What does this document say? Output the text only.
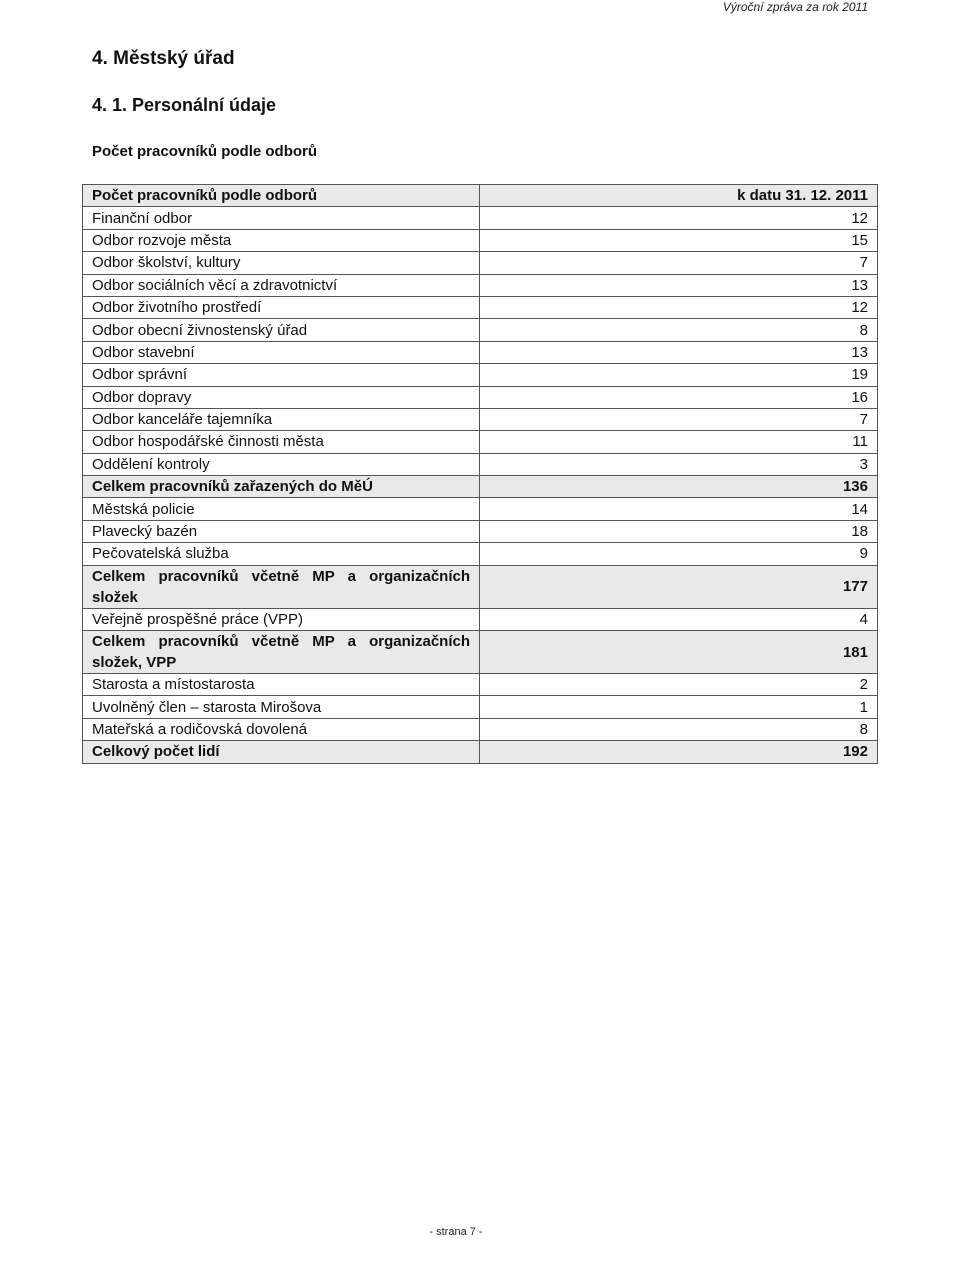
Výroční zpráva za rok 2011
4. Městský úřad
4. 1. Personální údaje
Počet pracovníků podle odborů
Počet pracovníků podle odborů	k datu 31. 12. 2011
Finanční odbor	12
Odbor rozvoje města	15
Odbor školství, kultury	7
Odbor sociálních věcí a zdravotnictví	13
Odbor životního prostředí	12
Odbor obecní živnostenský úřad	8
Odbor stavební	13
Odbor správní	19
Odbor dopravy	16
Odbor kanceláře tajemníka	7
Odbor hospodářské činnosti města	11
Oddělení kontroly	3
Celkem pracovníků zařazených do MěÚ	136
Městská policie	14
Plavecký bazén	18
Pečovatelská služba	9
Celkem pracovníků včetně MP a organizačních složek	177
Veřejně prospěšné práce (VPP)	4
Celkem pracovníků včetně MP a organizačních složek, VPP	181
Starosta a místostarosta	2
Uvolněný člen – starosta Mirošova	1
Mateřská a rodičovská dovolená	8
Celkový počet lidí	192
- strana 7 -
